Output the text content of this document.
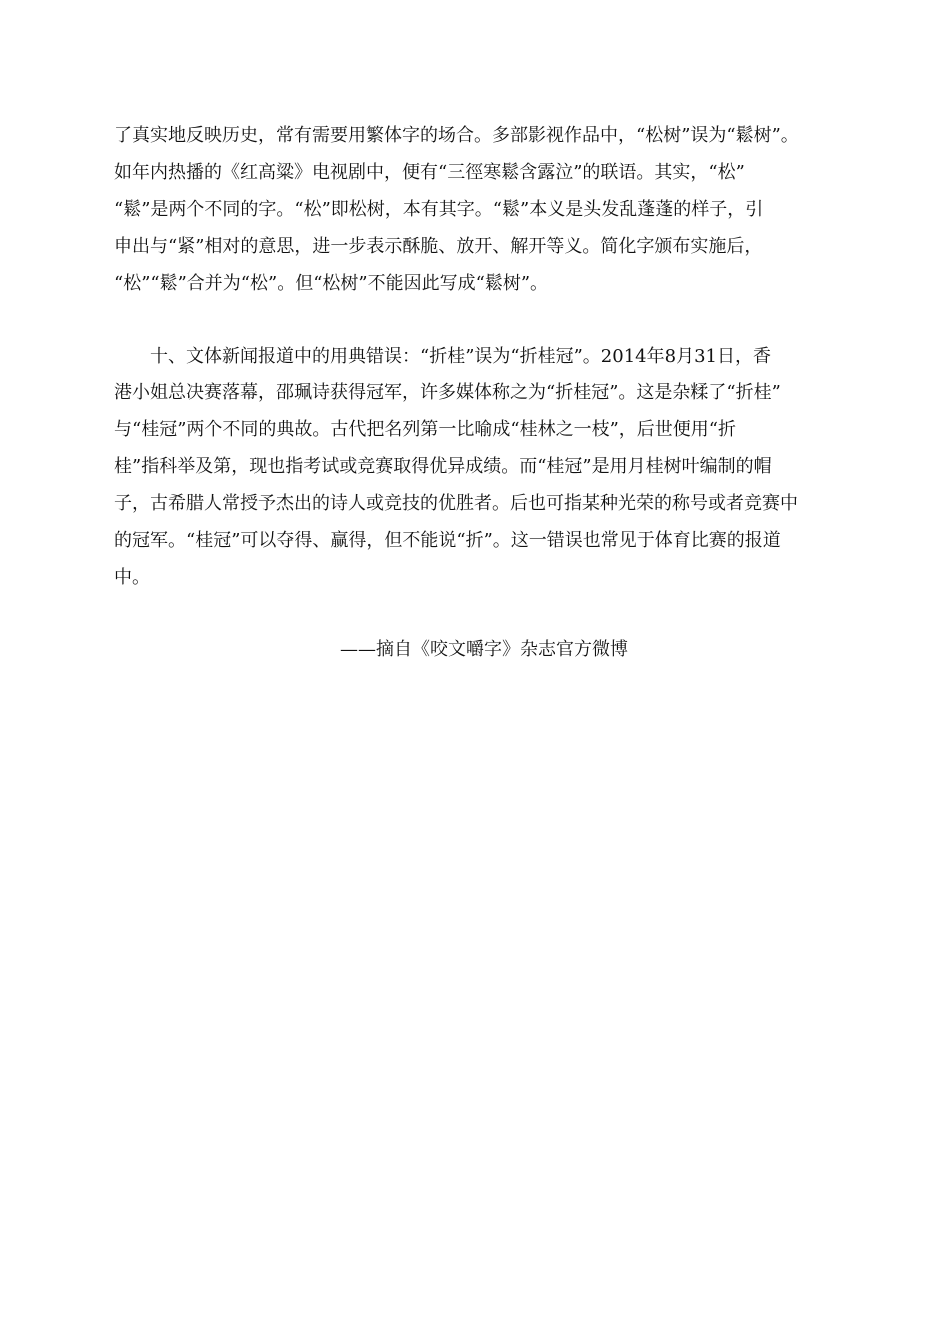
了真实地反映历史，常有需要用繁体字的场合。多部影视作品中，“松树”误为“鬆树”。
如年内热播的《红高粱》电视剧中，便有“三徑寒鬆含露泣”的联语。其实，“松”
“鬆”是两个不同的字。“松”即松树，本有其字。“鬆”本义是头发乱蓬蓬的样子，引
申出与“紧”相对的意思，进一步表示酥脆、放开、解开等义。简化字颁布实施后，
“松”“鬆”合并为“松”。但“松树”不能因此写成“鬆树”。
十、文体新闻报道中的用典错误：“折桂”误为“折桂冠”。2014年8月31日，香
港小姐总决赛落幕，邵珮诗获得冠军，许多媒体称之为“折桂冠”。这是杂糅了“折桂”
与“桂冠”两个不同的典故。古代把名列第一比喻成“桂林之一枝”，后世便用“折
桂”指科举及第，现也指考试或竞赛取得优异成绩。而“桂冠”是用月桂树叶编制的帽
子，古希腊人常授予杰出的诗人或竞技的优胜者。后也可指某种光荣的称号或者竞赛中
的冠军。“桂冠”可以夺得、赢得，但不能说“折”。这一错误也常见于体育比赛的报道
中。
——摘自《咬文嚼字》杂志官方微博
